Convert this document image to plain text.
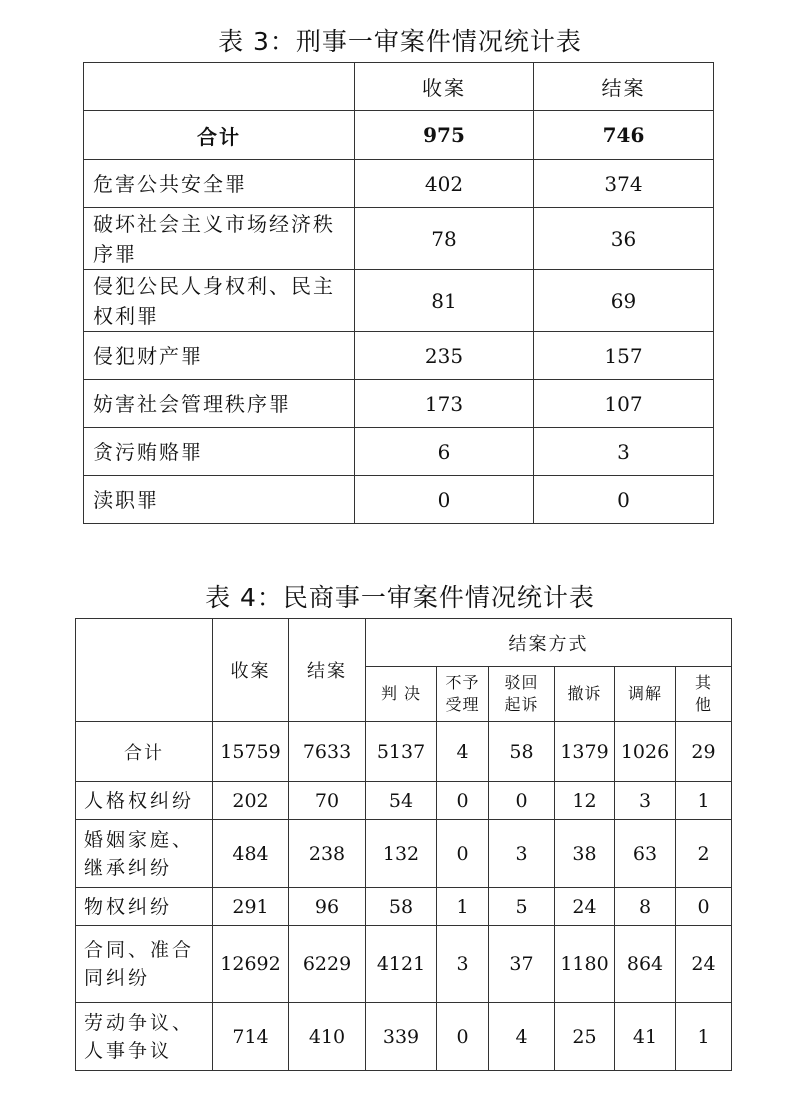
表 3：刑事一审案件情况统计表
	收案	结案
合计	975	746
危害公共安全罪	402	374
破坏社会主义市场经济秩序罪	78	36
侵犯公民人身权利、民主权利罪	81	69
侵犯财产罪	235	157
妨害社会管理秩序罪	173	107
贪污贿赂罪	6	3
渎职罪	0	0
表 4：民商事一审案件情况统计表
	收案	结案	结案方式					
			判 决	不予受理	驳回起诉	撤诉	调解	其他

合计	15759	7633	5137	4	58	1379	1026	29
人格权纠纷	202	70	54	0	0	12	3	1
婚姻家庭、继承纠纷	484	238	132	0	3	38	63	2
物权纠纷	291	96	58	1	5	24	8	0
合同、准合同纠纷	12692	6229	4121	3	37	1180	864	24
劳动争议、人事争议	714	410	339	0	4	25	41	1
